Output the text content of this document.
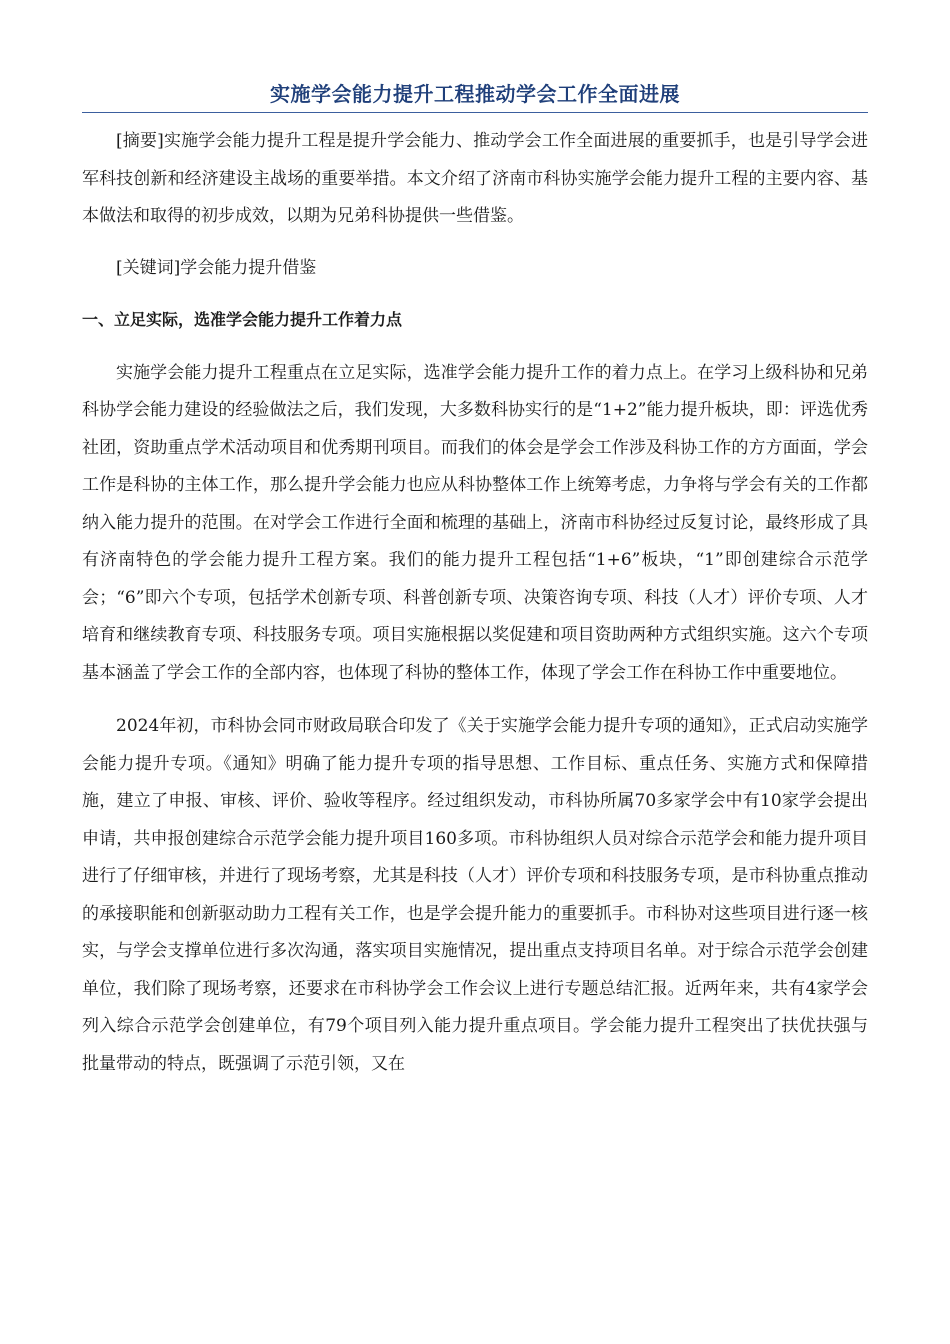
实施学会能力提升工程推动学会工作全面进展

[摘要]实施学会能力提升工程是提升学会能力、推动学会工作全面进展的重要抓手，也是引导学会进军科技创新和经济建设主战场的重要举措。本文介绍了济南市科协实施学会能力提升工程的主要内容、基本做法和取得的初步成效，以期为兄弟科协提供一些借鉴。

[关键词]学会能力提升借鉴

一、立足实际，选准学会能力提升工作着力点

实施学会能力提升工程重点在立足实际，选准学会能力提升工作的着力点上。在学习上级科协和兄弟科协学会能力建设的经验做法之后，我们发现，大多数科协实行的是“1+2”能力提升板块，即：评选优秀社团，资助重点学术活动项目和优秀期刊项目。而我们的体会是学会工作涉及科协工作的方方面面，学会工作是科协的主体工作，那么提升学会能力也应从科协整体工作上统筹考虑，力争将与学会有关的工作都纳入能力提升的范围。在对学会工作进行全面和梳理的基础上，济南市科协经过反复讨论，最终形成了具有济南特色的学会能力提升工程方案。我们的能力提升工程包括“1+6”板块，“1”即创建综合示范学会；“6”即六个专项，包括学术创新专项、科普创新专项、决策咨询专项、科技（人才）评价专项、人才培育和继续教育专项、科技服务专项。项目实施根据以奖促建和项目资助两种方式组织实施。这六个专项基本涵盖了学会工作的全部内容，也体现了科协的整体工作，体现了学会工作在科协工作中重要地位。

2024年初，市科协会同市财政局联合印发了《关于实施学会能力提升专项的通知》，正式启动实施学会能力提升专项。《通知》明确了能力提升专项的指导思想、工作目标、重点任务、实施方式和保障措施，建立了申报、审核、评价、验收等程序。经过组织发动，市科协所属70多家学会中有10家学会提出申请，共申报创建综合示范学会能力提升项目160多项。市科协组织人员对综合示范学会和能力提升项目进行了仔细审核，并进行了现场考察，尤其是科技（人才）评价专项和科技服务专项，是市科协重点推动的承接职能和创新驱动助力工程有关工作，也是学会提升能力的重要抓手。市科协对这些项目进行逐一核实，与学会支撑单位进行多次沟通，落实项目实施情况，提出重点支持项目名单。对于综合示范学会创建单位，我们除了现场考察，还要求在市科协学会工作会议上进行专题总结汇报。近两年来，共有4家学会列入综合示范学会创建单位，有79个项目列入能力提升重点项目。学会能力提升工程突出了扶优扶强与批量带动的特点，既强调了示范引领，又在
